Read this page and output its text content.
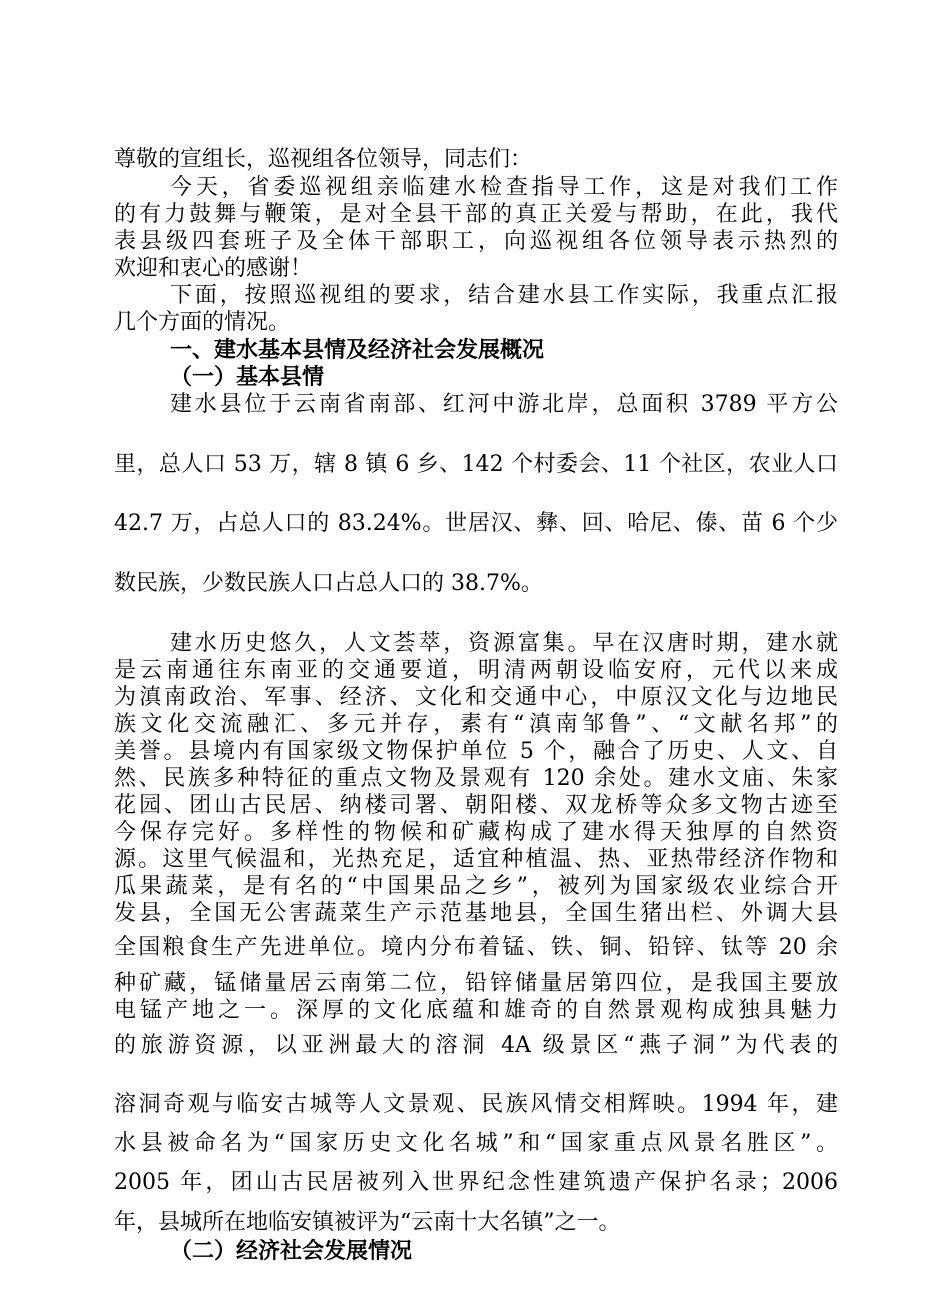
尊敬的宣组长，巡视组各位领导，同志们：

今天，省委巡视组亲临建水检查指导工作，这是对我们工作

的有力鼓舞与鞭策，是对全县干部的真正关爱与帮助，在此，我代

表县级四套班子及全体干部职工，向巡视组各位领导表示热烈的

欢迎和衷心的感谢！

下面，按照巡视组的要求，结合建水县工作实际，我重点汇报

几个方面的情况。

一、建水基本县情及经济社会发展概况

（一）基本县情

建水县位于云南省南部、红河中游北岸，总面积 3789 平方公

里，总人口 53 万，辖 8 镇 6 乡、142 个村委会、11 个社区，农业人口

42.7 万，占总人口的 83.24%。世居汉、彝、回、哈尼、傣、苗 6 个少

数民族，少数民族人口占总人口的 38.7%。

建水历史悠久，人文荟萃，资源富集。早在汉唐时期，建水就

是云南通往东南亚的交通要道，明清两朝设临安府，元代以来成

为滇南政治、军事、经济、文化和交通中心，中原汉文化与边地民

族文化交流融汇、多元并存，素有“滇南邹鲁”、“文献名邦”的

美誉。县境内有国家级文物保护单位 5 个，融合了历史、人文、自

然、民族多种特征的重点文物及景观有 120 余处。建水文庙、朱家

花园、团山古民居、纳楼司署、朝阳楼、双龙桥等众多文物古迹至

今保存完好。多样性的物候和矿藏构成了建水得天独厚的自然资

源。这里气候温和，光热充足，适宜种植温、热、亚热带经济作物和

瓜果蔬菜，是有名的“中国果品之乡”，被列为国家级农业综合开

发县，全国无公害蔬菜生产示范基地县，全国生猪出栏、外调大县

全国粮食生产先进单位。境内分布着锰、铁、铜、铅锌、钛等 20 余

种矿藏，锰储量居云南第二位，铅锌储量居第四位，是我国主要放

电锰产地之一。深厚的文化底蕴和雄奇的自然景观构成独具魅力

的旅游资源，以亚洲最大的溶洞 4A 级景区“燕子洞”为代表的

溶洞奇观与临安古城等人文景观、民族风情交相辉映。1994 年，建

水县被命名为“国家历史文化名城”和“国家重点风景名胜区”。

2005 年，团山古民居被列入世界纪念性建筑遗产保护名录；2006

年，县城所在地临安镇被评为“云南十大名镇”之一。

（二）经济社会发展情况
